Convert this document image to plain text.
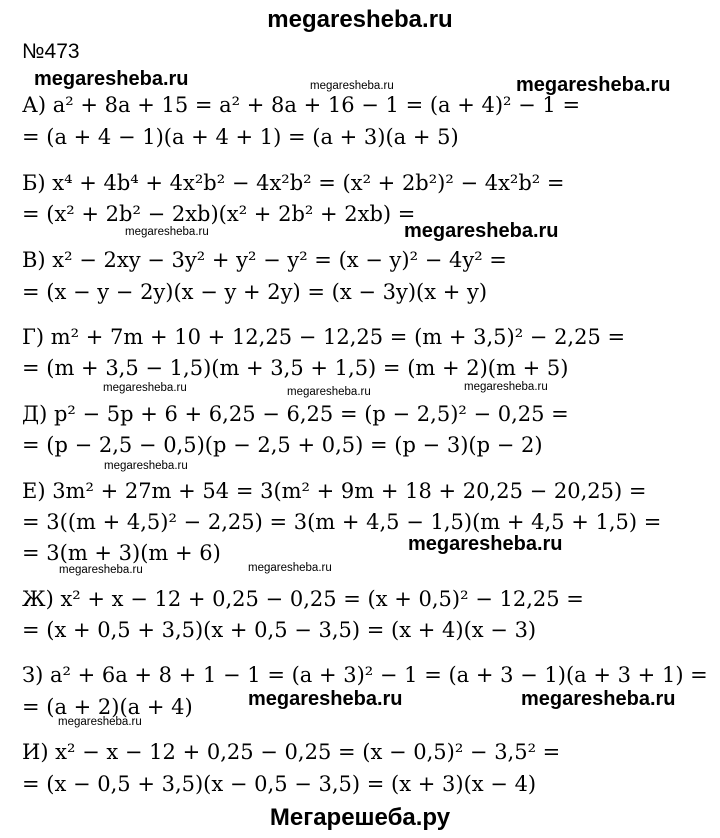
megaresheba.ru
№473
А) a² + 8a + 15 = a² + 8a + 16 − 1 = (a + 4)² − 1 =
= (a + 4 − 1)(a + 4 + 1) = (a + 3)(a + 5)
Б) x⁴ + 4b⁴ + 4x²b² − 4x²b² = (x² + 2b²)² − 4x²b² =
= (x² + 2b² − 2xb)(x² + 2b² + 2xb) =
В) x² − 2xy − 3y² + y² − y² = (x − y)² − 4y² =
= (x − y − 2y)(x − y + 2y) = (x − 3y)(x + y)
Г) m² + 7m + 10 + 12,25 − 12,25 = (m + 3,5)² − 2,25 =
= (m + 3,5 − 1,5)(m + 3,5 + 1,5) = (m + 2)(m + 5)
Д) p² − 5p + 6 + 6,25 − 6,25 = (p − 2,5)² − 0,25 =
= (p − 2,5 − 0,5)(p − 2,5 + 0,5) = (p − 3)(p − 2)
Е) 3m² + 27m + 54 = 3(m² + 9m + 18 + 20,25 − 20,25) =
= 3((m + 4,5)² − 2,25) = 3(m + 4,5 − 1,5)(m + 4,5 + 1,5) =
= 3(m + 3)(m + 6)
Ж) x² + x − 12 + 0,25 − 0,25 = (x + 0,5)² − 12,25 =
= (x + 0,5 + 3,5)(x + 0,5 − 3,5) = (x + 4)(x − 3)
З) a² + 6a + 8 + 1 − 1 = (a + 3)² − 1 = (a + 3 − 1)(a + 3 + 1) =
= (a + 2)(a + 4)
И) x² − x − 12 + 0,25 − 0,25 = (x − 0,5)² − 3,5² =
= (x − 0,5 + 3,5)(x − 0,5 − 3,5) = (x + 3)(x − 4)
megaresheba.ru	megaresheba.ru	megaresheba.ru
megaresheba.ru	megaresheba.ru
megaresheba.ru	megaresheba.ru	megaresheba.ru
megaresheba.ru
megaresheba.ru
megaresheba.ru	megaresheba.ru
megaresheba.ru	megaresheba.ru
megaresheba.ru
Мегарешеба.ру
